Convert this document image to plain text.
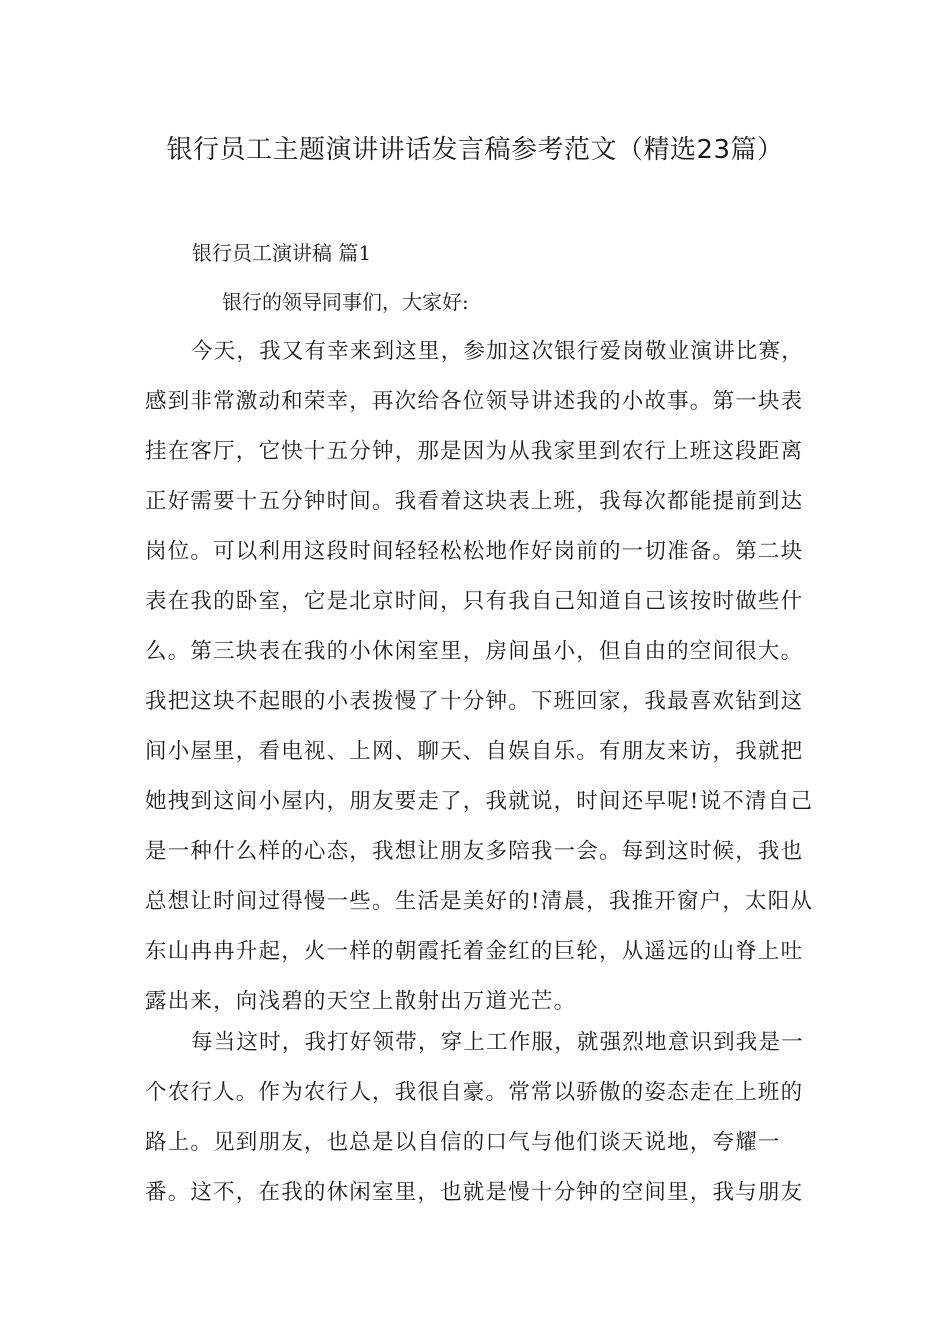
银行员工主题演讲讲话发言稿参考范文（精选23篇）
银行员工演讲稿 篇1

银行的领导同事们，大家好:

今天，我又有幸来到这里，参加这次银行爱岗敬业演讲比赛，
感到非常激动和荣幸，再次给各位领导讲述我的小故事。第一块表
挂在客厅，它快十五分钟，那是因为从我家里到农行上班这段距离
正好需要十五分钟时间。我看着这块表上班，我每次都能提前到达
岗位。可以利用这段时间轻轻松松地作好岗前的一切准备。第二块
表在我的卧室，它是北京时间，只有我自己知道自己该按时做些什
么。第三块表在我的小休闲室里，房间虽小，但自由的空间很大。
我把这块不起眼的小表拨慢了十分钟。下班回家，我最喜欢钻到这
间小屋里，看电视、上网、聊天、自娱自乐。有朋友来访，我就把
她拽到这间小屋内，朋友要走了，我就说，时间还早呢!说不清自己
是一种什么样的心态，我想让朋友多陪我一会。每到这时候，我也
总想让时间过得慢一些。生活是美好的!清晨，我推开窗户，太阳从
东山冉冉升起，火一样的朝霞托着金红的巨轮，从遥远的山脊上吐
露出来，向浅碧的天空上散射出万道光芒。
每当这时，我打好领带，穿上工作服，就强烈地意识到我是一
个农行人。作为农行人，我很自豪。常常以骄傲的姿态走在上班的
路上。见到朋友，也总是以自信的口气与他们谈天说地，夸耀一
番。这不，在我的休闲室里，也就是慢十分钟的空间里，我与朋友
